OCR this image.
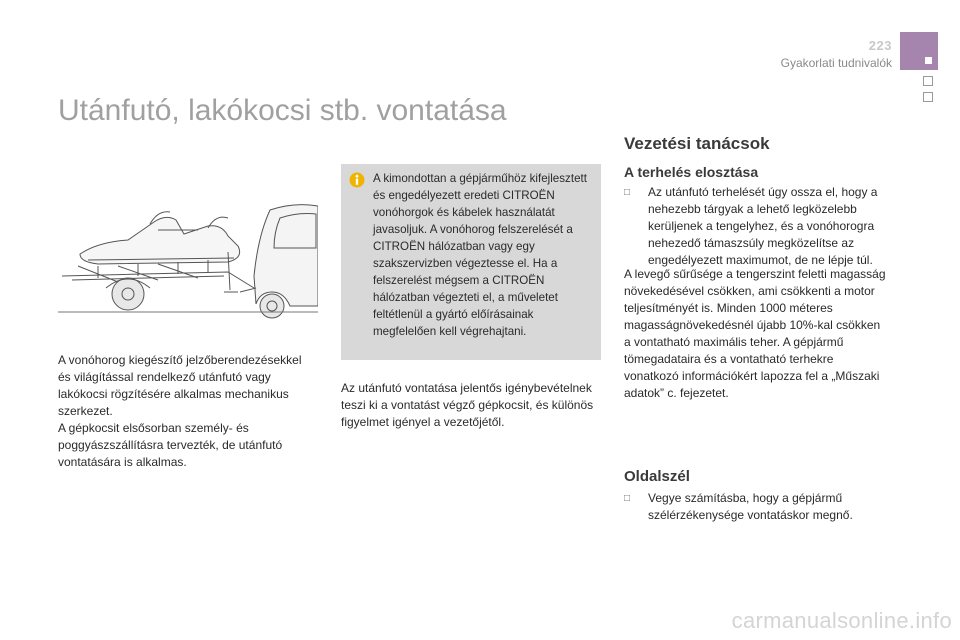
223
Gyakorlati tudnivalók
Utánfutó, lakókocsi stb. vontatása

A vonóhorog kiegészítő jelzőberendezésekkel és világítással rendelkező utánfutó vagy lakókocsi rögzítésére alkalmas mechanikus szerkezet.

A gépkocsit elsősorban személy- és poggyászszállításra tervezték, de utánfutó vontatására is alkalmas.

A kimondottan a gépjárműhöz kifejlesztett és engedélyezett eredeti CITROËN vonóhorgok és kábelek használatát javasoljuk. A vonóhorog felszerelését a CITROËN hálózatban vagy egy szakszervizben végeztesse el. Ha a felszerelést mégsem a CITROËN hálózatban végezteti el, a műveletet feltétlenül a gyártó előírásainak megfelelően kell végrehajtani.

Az utánfutó vontatása jelentős igénybevételnek teszi ki a vontatást végző gépkocsit, és különös figyelmet igényel a vezetőjétől.

Vezetési tanácsok
A terhelés elosztása
□	Az utánfutó terhelését úgy ossza el, hogy a nehezebb tárgyak a lehető legközelebb kerüljenek a tengelyhez, és a vonóhorogra nehezedő támaszsúly megközelítse az engedélyezett maximumot, de ne lépje túl.

A levegő sűrűsége a tengerszint feletti magasság növekedésével csökken, ami csökkenti a motor teljesítményét is. Minden 1000 méteres magasságnövekedésnél újabb 10%-kal csökken a vontatható maximális teher. A gépjármű tömegadataira és a vontatható terhekre vonatkozó információkért lapozza fel a „Műszaki adatok” c. fejezetet.

Oldalszél
□	Vegye számításba, hogy a gépjármű szélérzékenysége vontatáskor megnő.
carmanualsonline.info
